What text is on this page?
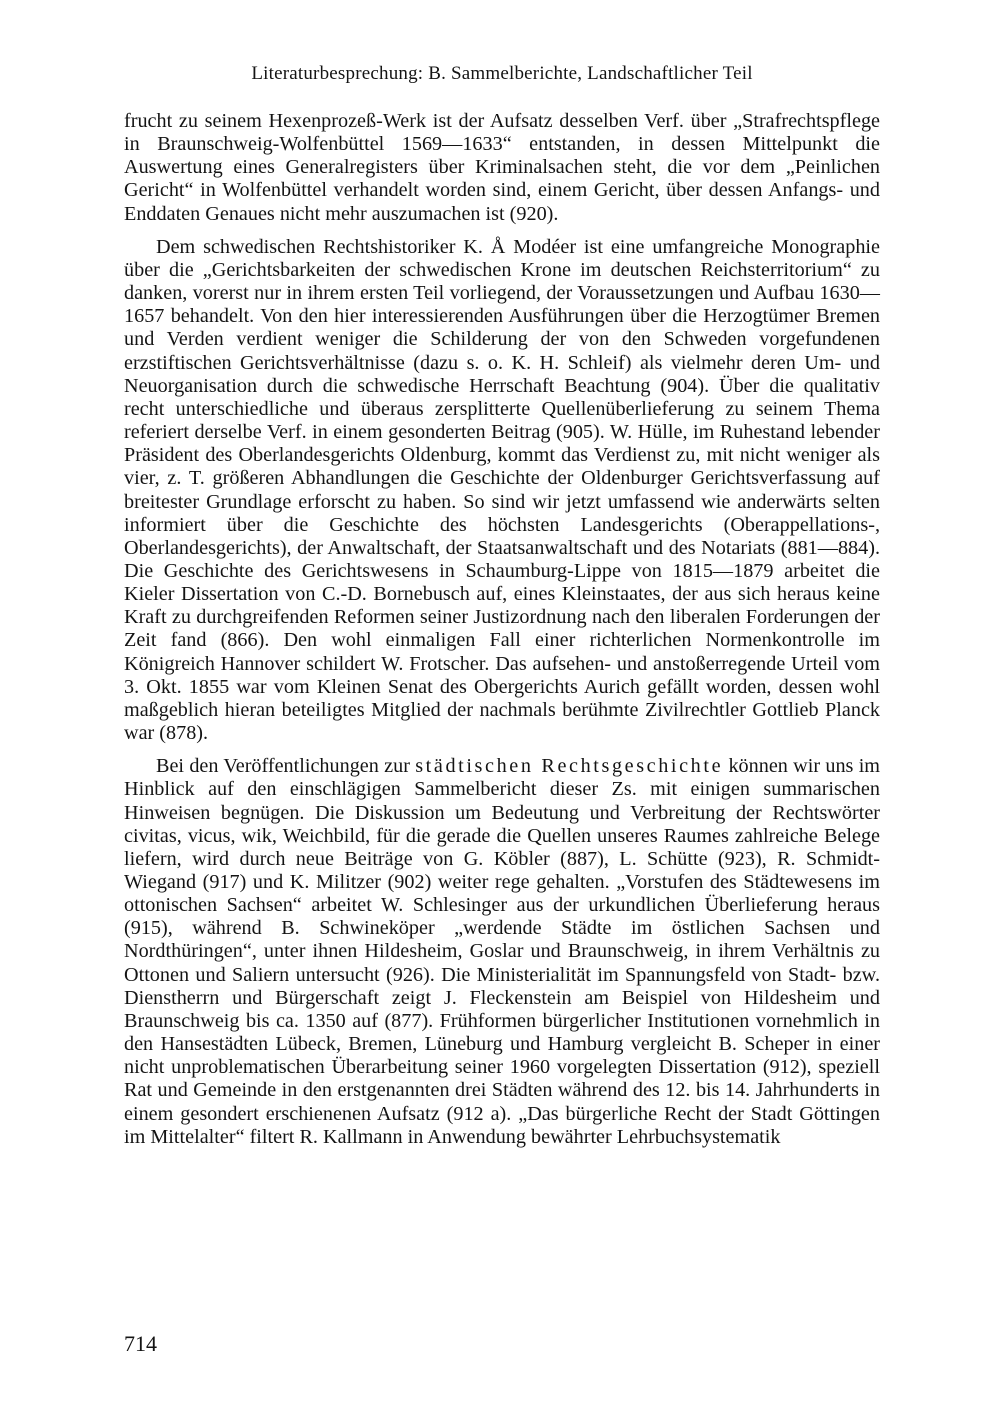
Literaturbesprechung: B. Sammelberichte, Landschaftlicher Teil

frucht zu seinem Hexenprozeß-Werk ist der Aufsatz desselben Verf. über „Strafrechtspflege in Braunschweig-Wolfenbüttel 1569—1633“ entstanden, in dessen Mittelpunkt die Auswertung eines Generalregisters über Kriminalsachen steht, die vor dem „Peinlichen Gericht“ in Wolfenbüttel verhandelt worden sind, einem Gericht, über dessen Anfangs- und Enddaten Genaues nicht mehr auszumachen ist (920).

Dem schwedischen Rechtshistoriker K. Å Modéer ist eine umfangreiche Monographie über die „Gerichtsbarkeiten der schwedischen Krone im deutschen Reichsterritorium“ zu danken, vorerst nur in ihrem ersten Teil vorliegend, der Voraussetzungen und Aufbau 1630—1657 behandelt. Von den hier interessierenden Ausführungen über die Herzogtümer Bremen und Verden verdient weniger die Schilderung der von den Schweden vorgefundenen erzstiftischen Gerichtsverhältnisse (dazu s. o. K. H. Schleif) als vielmehr deren Um- und Neuorganisation durch die schwedische Herrschaft Beachtung (904). Über die qualitativ recht unterschiedliche und überaus zersplitterte Quellenüberlieferung zu seinem Thema referiert derselbe Verf. in einem gesonderten Beitrag (905). W. Hülle, im Ruhestand lebender Präsident des Oberlandesgerichts Oldenburg, kommt das Verdienst zu, mit nicht weniger als vier, z. T. größeren Abhandlungen die Geschichte der Oldenburger Gerichtsverfassung auf breitester Grundlage erforscht zu haben. So sind wir jetzt umfassend wie anderwärts selten informiert über die Geschichte des höchsten Landesgerichts (Oberappellations-, Oberlandesgerichts), der Anwaltschaft, der Staatsanwaltschaft und des Notariats (881—884). Die Geschichte des Gerichtswesens in Schaumburg-Lippe von 1815—1879 arbeitet die Kieler Dissertation von C.-D. Bornebusch auf, eines Kleinstaates, der aus sich heraus keine Kraft zu durchgreifenden Reformen seiner Justizordnung nach den liberalen Forderungen der Zeit fand (866). Den wohl einmaligen Fall einer richterlichen Normenkontrolle im Königreich Hannover schildert W. Frotscher. Das aufsehen- und anstoßerregende Urteil vom 3. Okt. 1855 war vom Kleinen Senat des Obergerichts Aurich gefällt worden, dessen wohl maßgeblich hieran beteiligtes Mitglied der nachmals berühmte Zivilrechtler Gottlieb Planck war (878).

Bei den Veröffentlichungen zur städtischen Rechtsgeschichte können wir uns im Hinblick auf den einschlägigen Sammelbericht dieser Zs. mit einigen summarischen Hinweisen begnügen. Die Diskussion um Bedeutung und Verbreitung der Rechtswörter civitas, vicus, wik, Weichbild, für die gerade die Quellen unseres Raumes zahlreiche Belege liefern, wird durch neue Beiträge von G. Köbler (887), L. Schütte (923), R. Schmidt-Wiegand (917) und K. Militzer (902) weiter rege gehalten. „Vorstufen des Städtewesens im ottonischen Sachsen“ arbeitet W. Schlesinger aus der urkundlichen Überlieferung heraus (915), während B. Schwineköper „werdende Städte im östlichen Sachsen und Nordthüringen“, unter ihnen Hildesheim, Goslar und Braunschweig, in ihrem Verhältnis zu Ottonen und Saliern untersucht (926). Die Ministerialität im Spannungsfeld von Stadt- bzw. Dienstherrn und Bürgerschaft zeigt J. Fleckenstein am Beispiel von Hildesheim und Braunschweig bis ca. 1350 auf (877). Frühformen bürgerlicher Institutionen vornehmlich in den Hansestädten Lübeck, Bremen, Lüneburg und Hamburg vergleicht B. Scheper in einer nicht unproblematischen Überarbeitung seiner 1960 vorgelegten Dissertation (912), speziell Rat und Gemeinde in den erstgenannten drei Städten während des 12. bis 14. Jahrhunderts in einem gesondert erschienenen Aufsatz (912 a). „Das bürgerliche Recht der Stadt Göttingen im Mittelalter“ filtert R. Kallmann in Anwendung bewährter Lehrbuchsystematik

714
